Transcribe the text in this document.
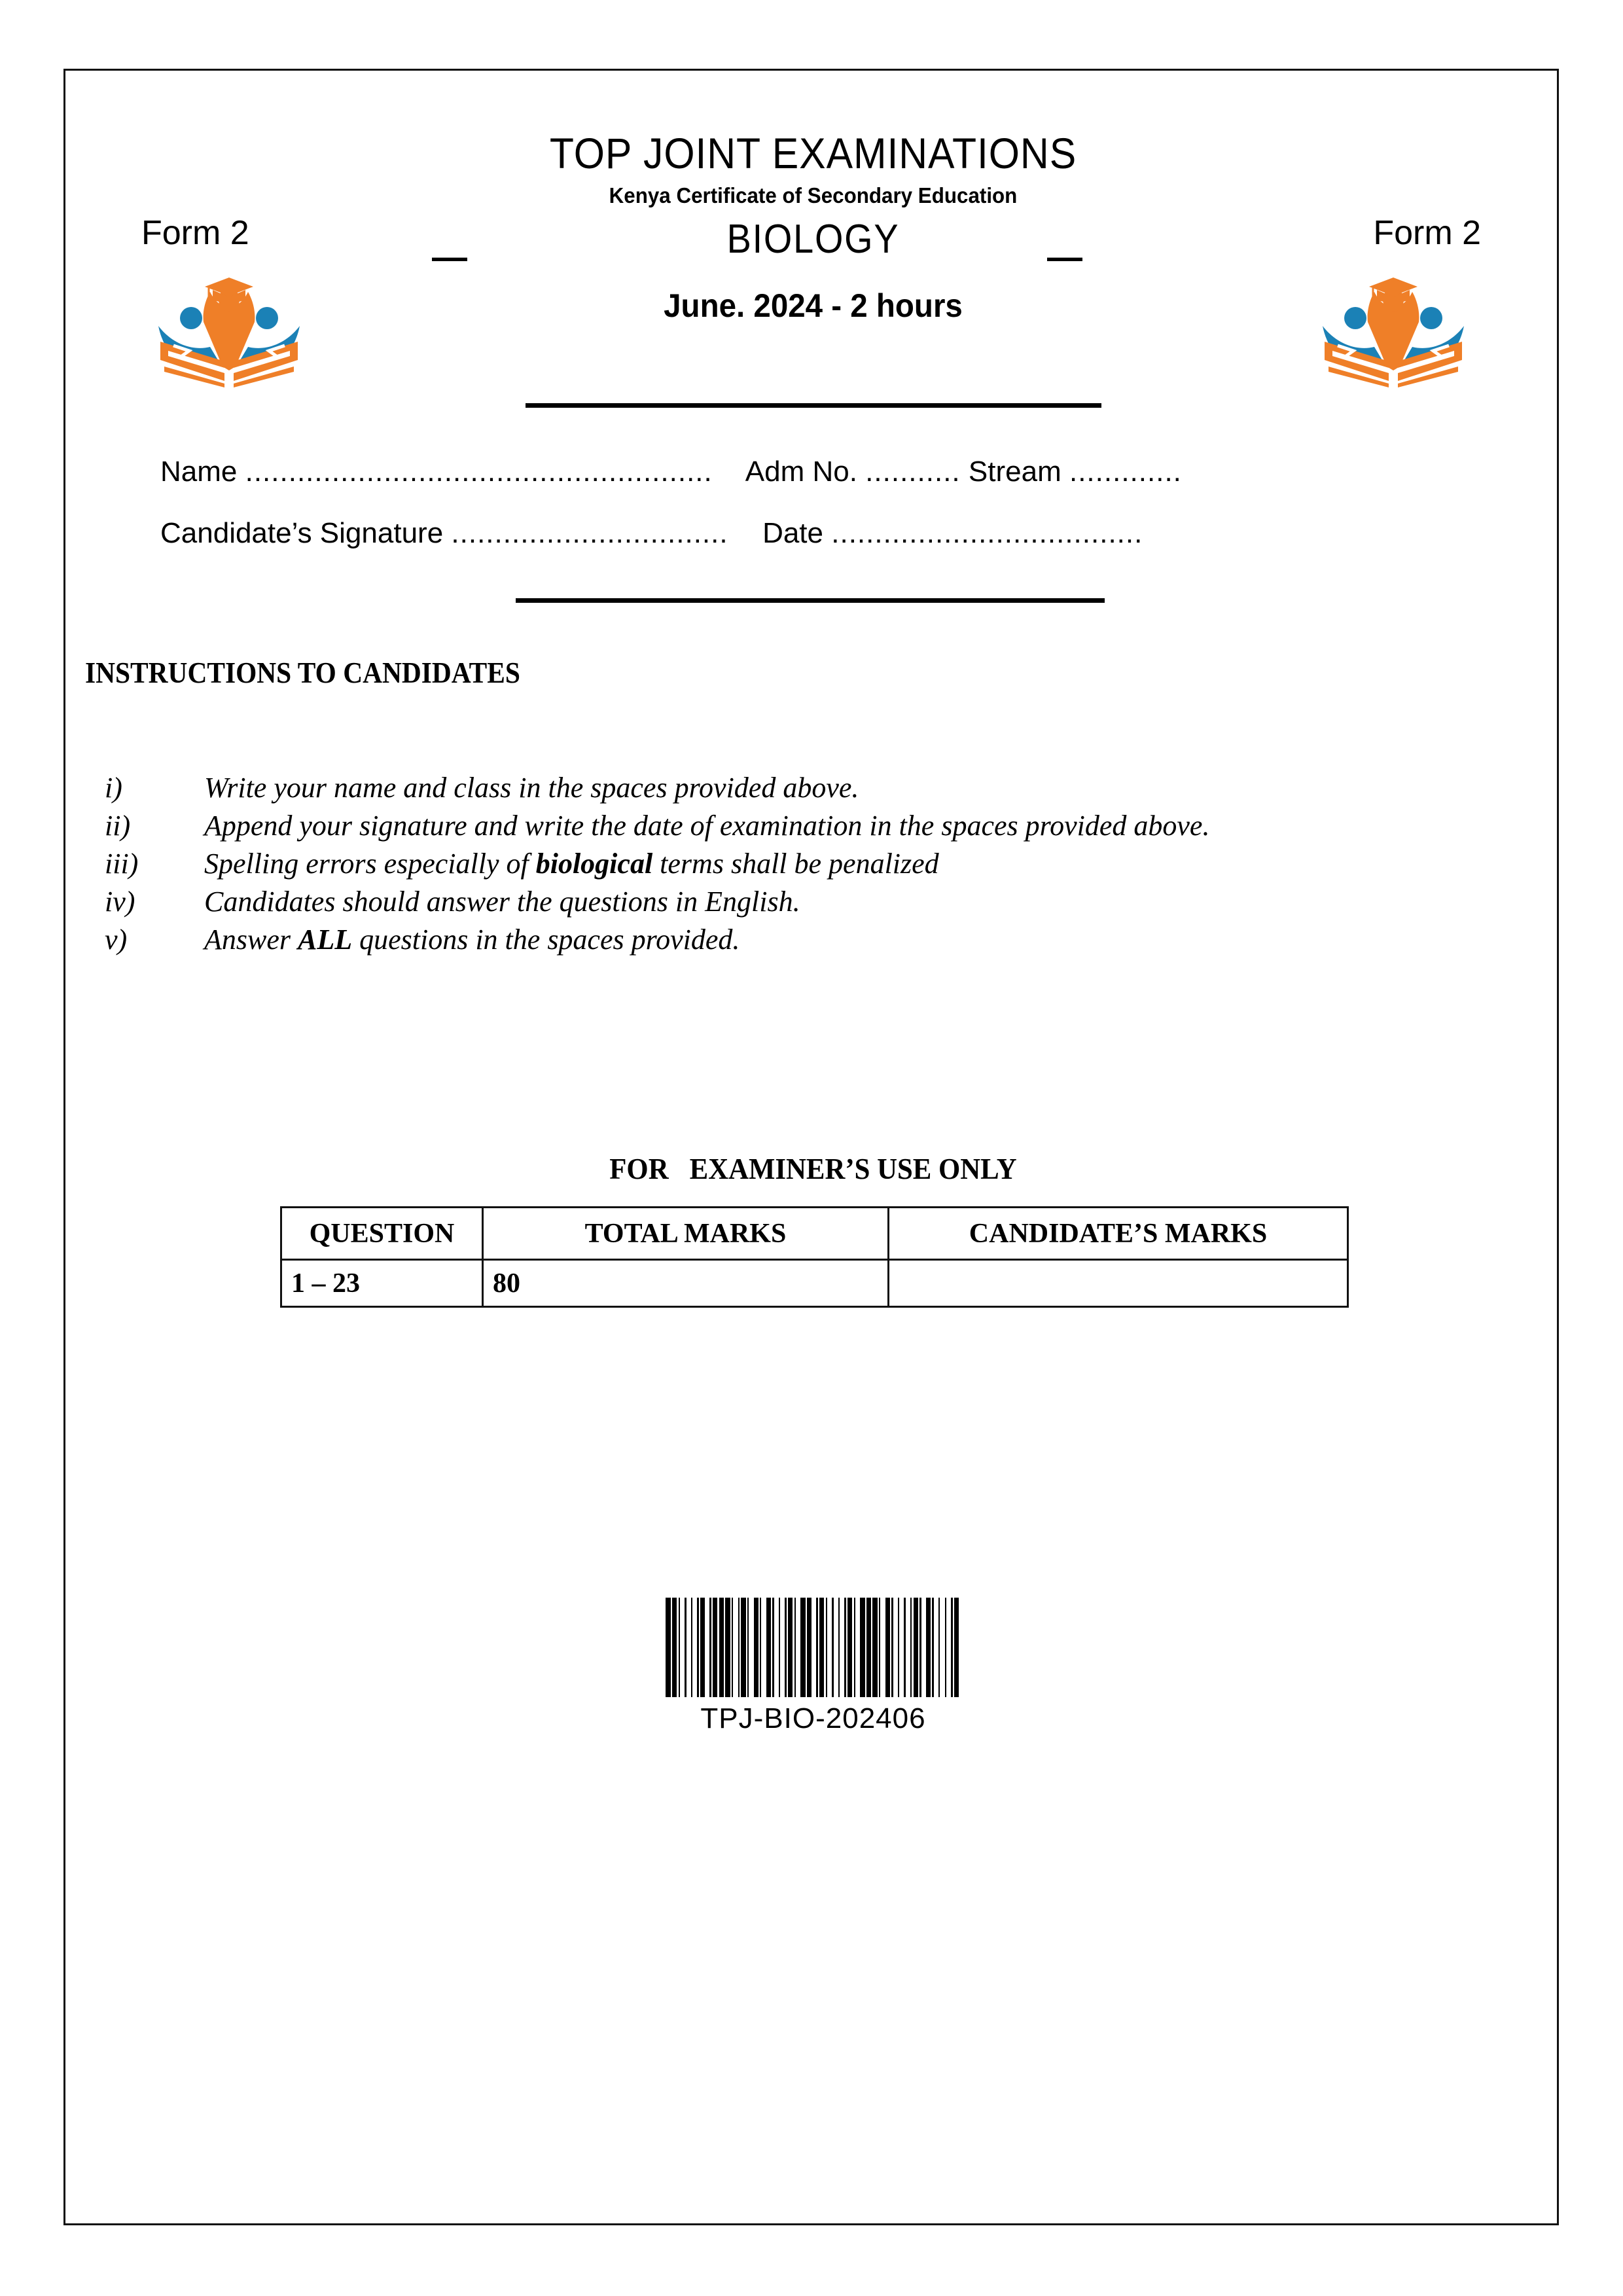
TOP JOINT EXAMINATIONS
Kenya Certificate of Secondary Education
Form 2	Form 2
—	BIOLOGY	—
June. 2024 - 2 hours
Name ...................................................... Adm No. ........... Stream .............
Candidate’s Signature ................................ Date ....................................
INSTRUCTIONS TO CANDIDATES
i)	Write your name and class in the spaces provided above.
ii)	Append your signature and write the date of examination in the spaces provided above.
iii) Spelling errors especially of biological terms shall be penalized
iv) Candidates should answer the questions in English.
v)	Answer ALL questions in the spaces provided.
FOR   EXAMINER’S USE ONLY
QUESTION	TOTAL MARKS	CANDIDATE’S MARKS
1 – 23	80	
TPJ-BIO-202406
